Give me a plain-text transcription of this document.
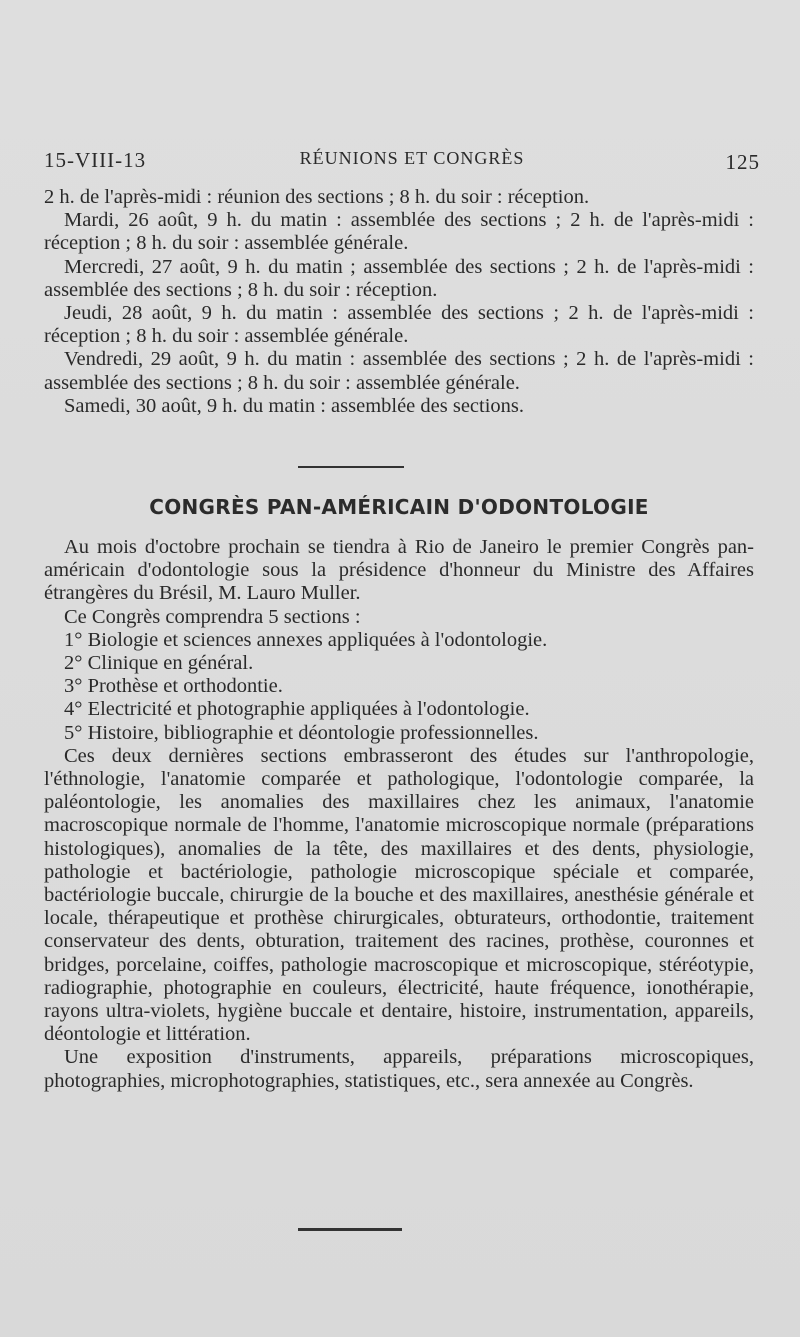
15-VIII-13	RÉUNIONS ET CONGRÈS	125

2 h. de l'après-midi : réunion des sections ; 8 h. du soir : réception.

Mardi, 26 août, 9 h. du matin : assemblée des sections ; 2 h. de l'après-midi : réception ; 8 h. du soir : assemblée générale.

Mercredi, 27 août, 9 h. du matin ; assemblée des sections ; 2 h. de l'après-midi : assemblée des sections ; 8 h. du soir : réception.

Jeudi, 28 août, 9 h. du matin : assemblée des sections ; 2 h. de l'après-midi : réception ; 8 h. du soir : assemblée générale.

Vendredi, 29 août, 9 h. du matin : assemblée des sections ; 2 h. de l'après-midi : assemblée des sections ; 8 h. du soir : assemblée générale.

Samedi, 30 août, 9 h. du matin : assemblée des sections.

CONGRÈS PAN-AMÉRICAIN D'ODONTOLOGIE

Au mois d'octobre prochain se tiendra à Rio de Janeiro le premier Congrès pan-américain d'odontologie sous la présidence d'honneur du Ministre des Affaires étrangères du Brésil, M. Lauro Muller.

Ce Congrès comprendra 5 sections :

1° Biologie et sciences annexes appliquées à l'odontologie.

2° Clinique en général.

3° Prothèse et orthodontie.

4° Electricité et photographie appliquées à l'odontologie.

5° Histoire, bibliographie et déontologie professionnelles.

Ces deux dernières sections embrasseront des études sur l'anthropologie, l'éthnologie, l'anatomie comparée et pathologique, l'odontologie comparée, la paléontologie, les anomalies des maxillaires chez les animaux, l'anatomie macroscopique normale de l'homme, l'anatomie microscopique normale (préparations histologiques), anomalies de la tête, des maxillaires et des dents, physiologie, pathologie et bactériologie, pathologie microscopique spéciale et comparée, bactériologie buccale, chirurgie de la bouche et des maxillaires, anesthésie générale et locale, thérapeutique et prothèse chirurgicales, obturateurs, orthodontie, traitement conservateur des dents, obturation, traitement des racines, prothèse, couronnes et bridges, porcelaine, coiffes, pathologie macroscopique et microscopique, stéréotypie, radiographie, photographie en couleurs, électricité, haute fréquence, ionothérapie, rayons ultra-violets, hygiène buccale et dentaire, histoire, instrumentation, appareils, déontologie et littération.

Une exposition d'instruments, appareils, préparations microscopiques, photographies, microphotographies, statistiques, etc., sera annexée au Congrès.
